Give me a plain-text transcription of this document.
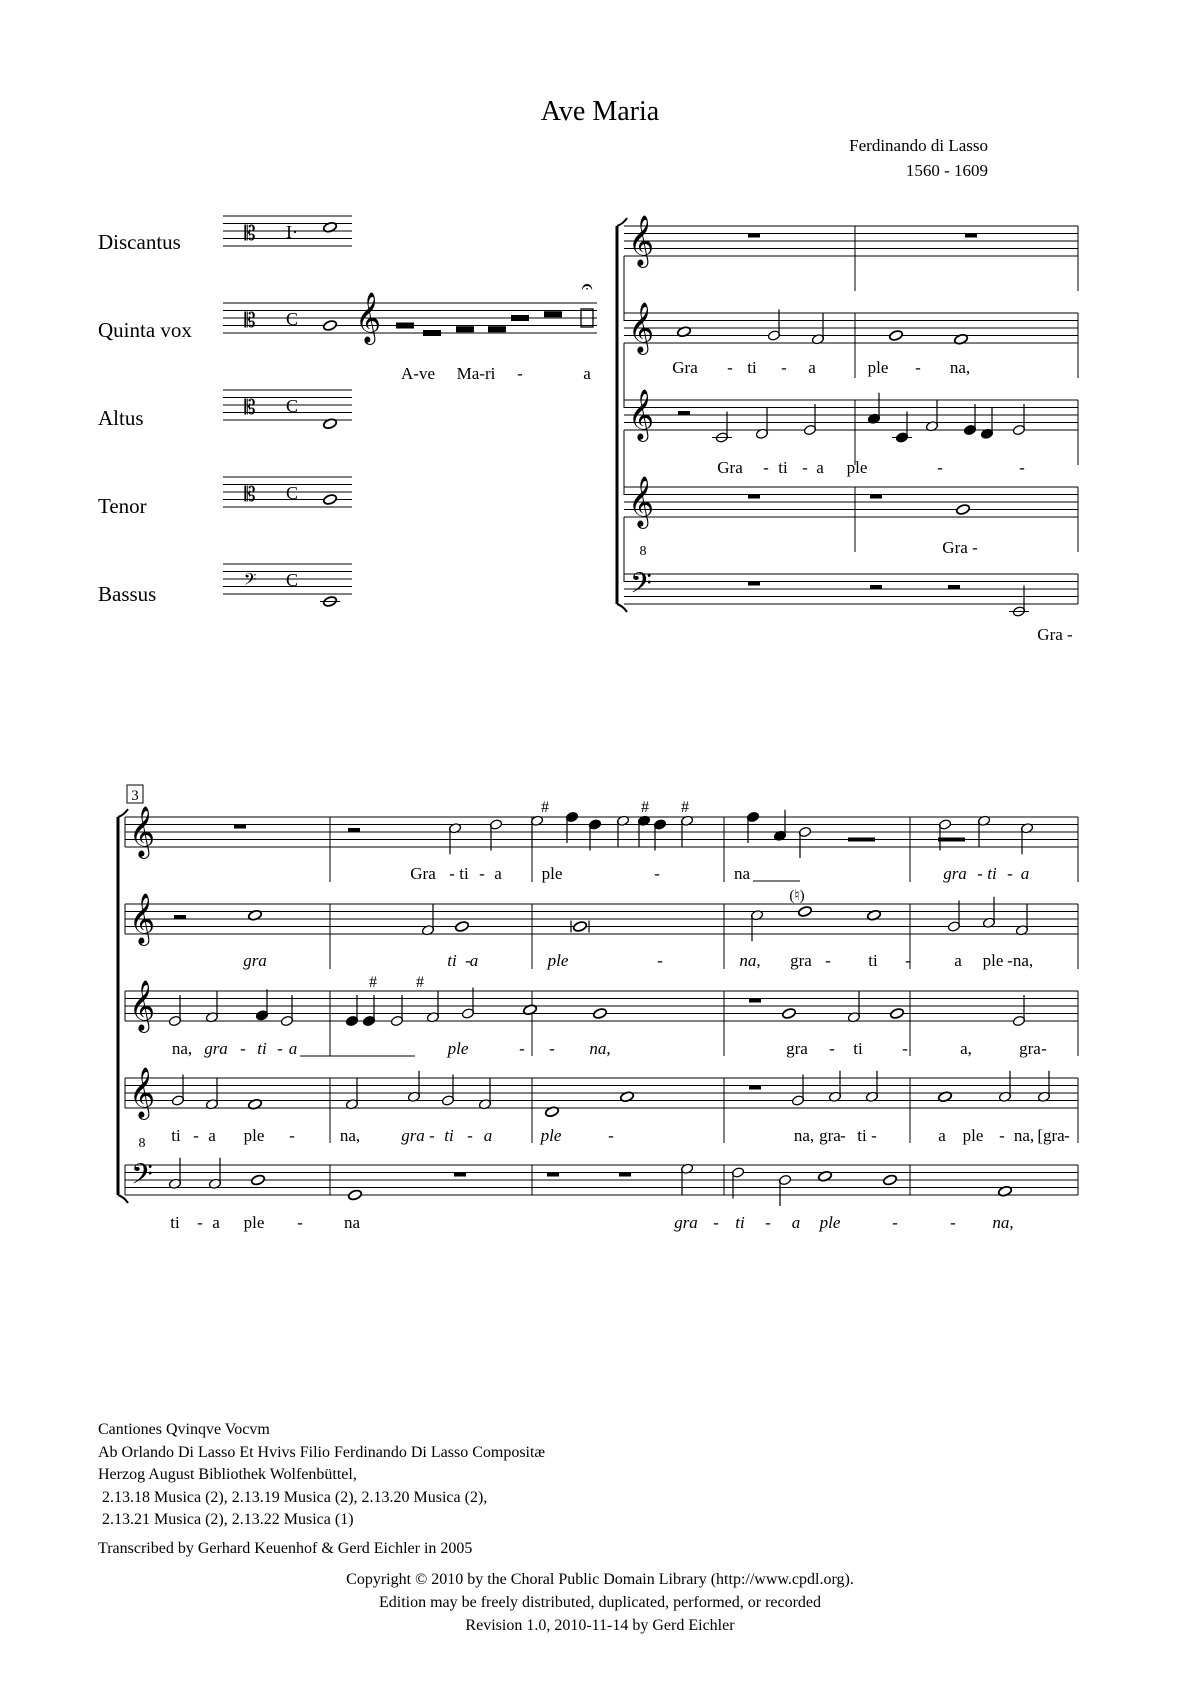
Ave Maria
Ferdinando di Lasso
1560 - 1609
Discantus
Quinta vox
Altus
Tenor
Bassus
𝄡 I·
𝄡 C
𝄡 C
𝄡 C
𝄢 C
𝄞
𝄐
A-ve Ma-ri -	a
𝄞
𝄞
𝄞
𝄞
𝄢
8
Gra - ti - a	ple - na,
Gra - ti - a ple	-	-
Gra -
Gra -
3
𝄞
𝄞
𝄞
𝄞
𝄢
8
#	# #
(♮)
# #
Gra - ti - a ple	-	na	gra - ti - a
gra	ti -
a	ple	-	na, gra - ti -	a ple - na,
na, gra - ti - a	ple	- - na,	gra - ti -	a,	gra -
ti - a ple -	na, gra - ti - a	ple	-	na, gra - ti -	a ple - na, [gra -
ti - a ple - na	gra - ti - a ple	-	- na,
Cantiones Qvinqve Vocvm
Ab Orlando Di Lasso Et Hvivs Filio Ferdinando Di Lasso Compositæ
Herzog August Bibliothek Wolfenbüttel,
2.13.18 Musica (2), 2.13.19 Musica (2), 2.13.20 Musica (2),
2.13.21 Musica (2), 2.13.22 Musica (1)
Transcribed by Gerhard Keuenhof & Gerd Eichler in 2005
Copyright © 2010 by the Choral Public Domain Library (http://www.cpdl.org).
Edition may be freely distributed, duplicated, performed, or recorded
Revision 1.0, 2010-11-14 by Gerd Eichler
